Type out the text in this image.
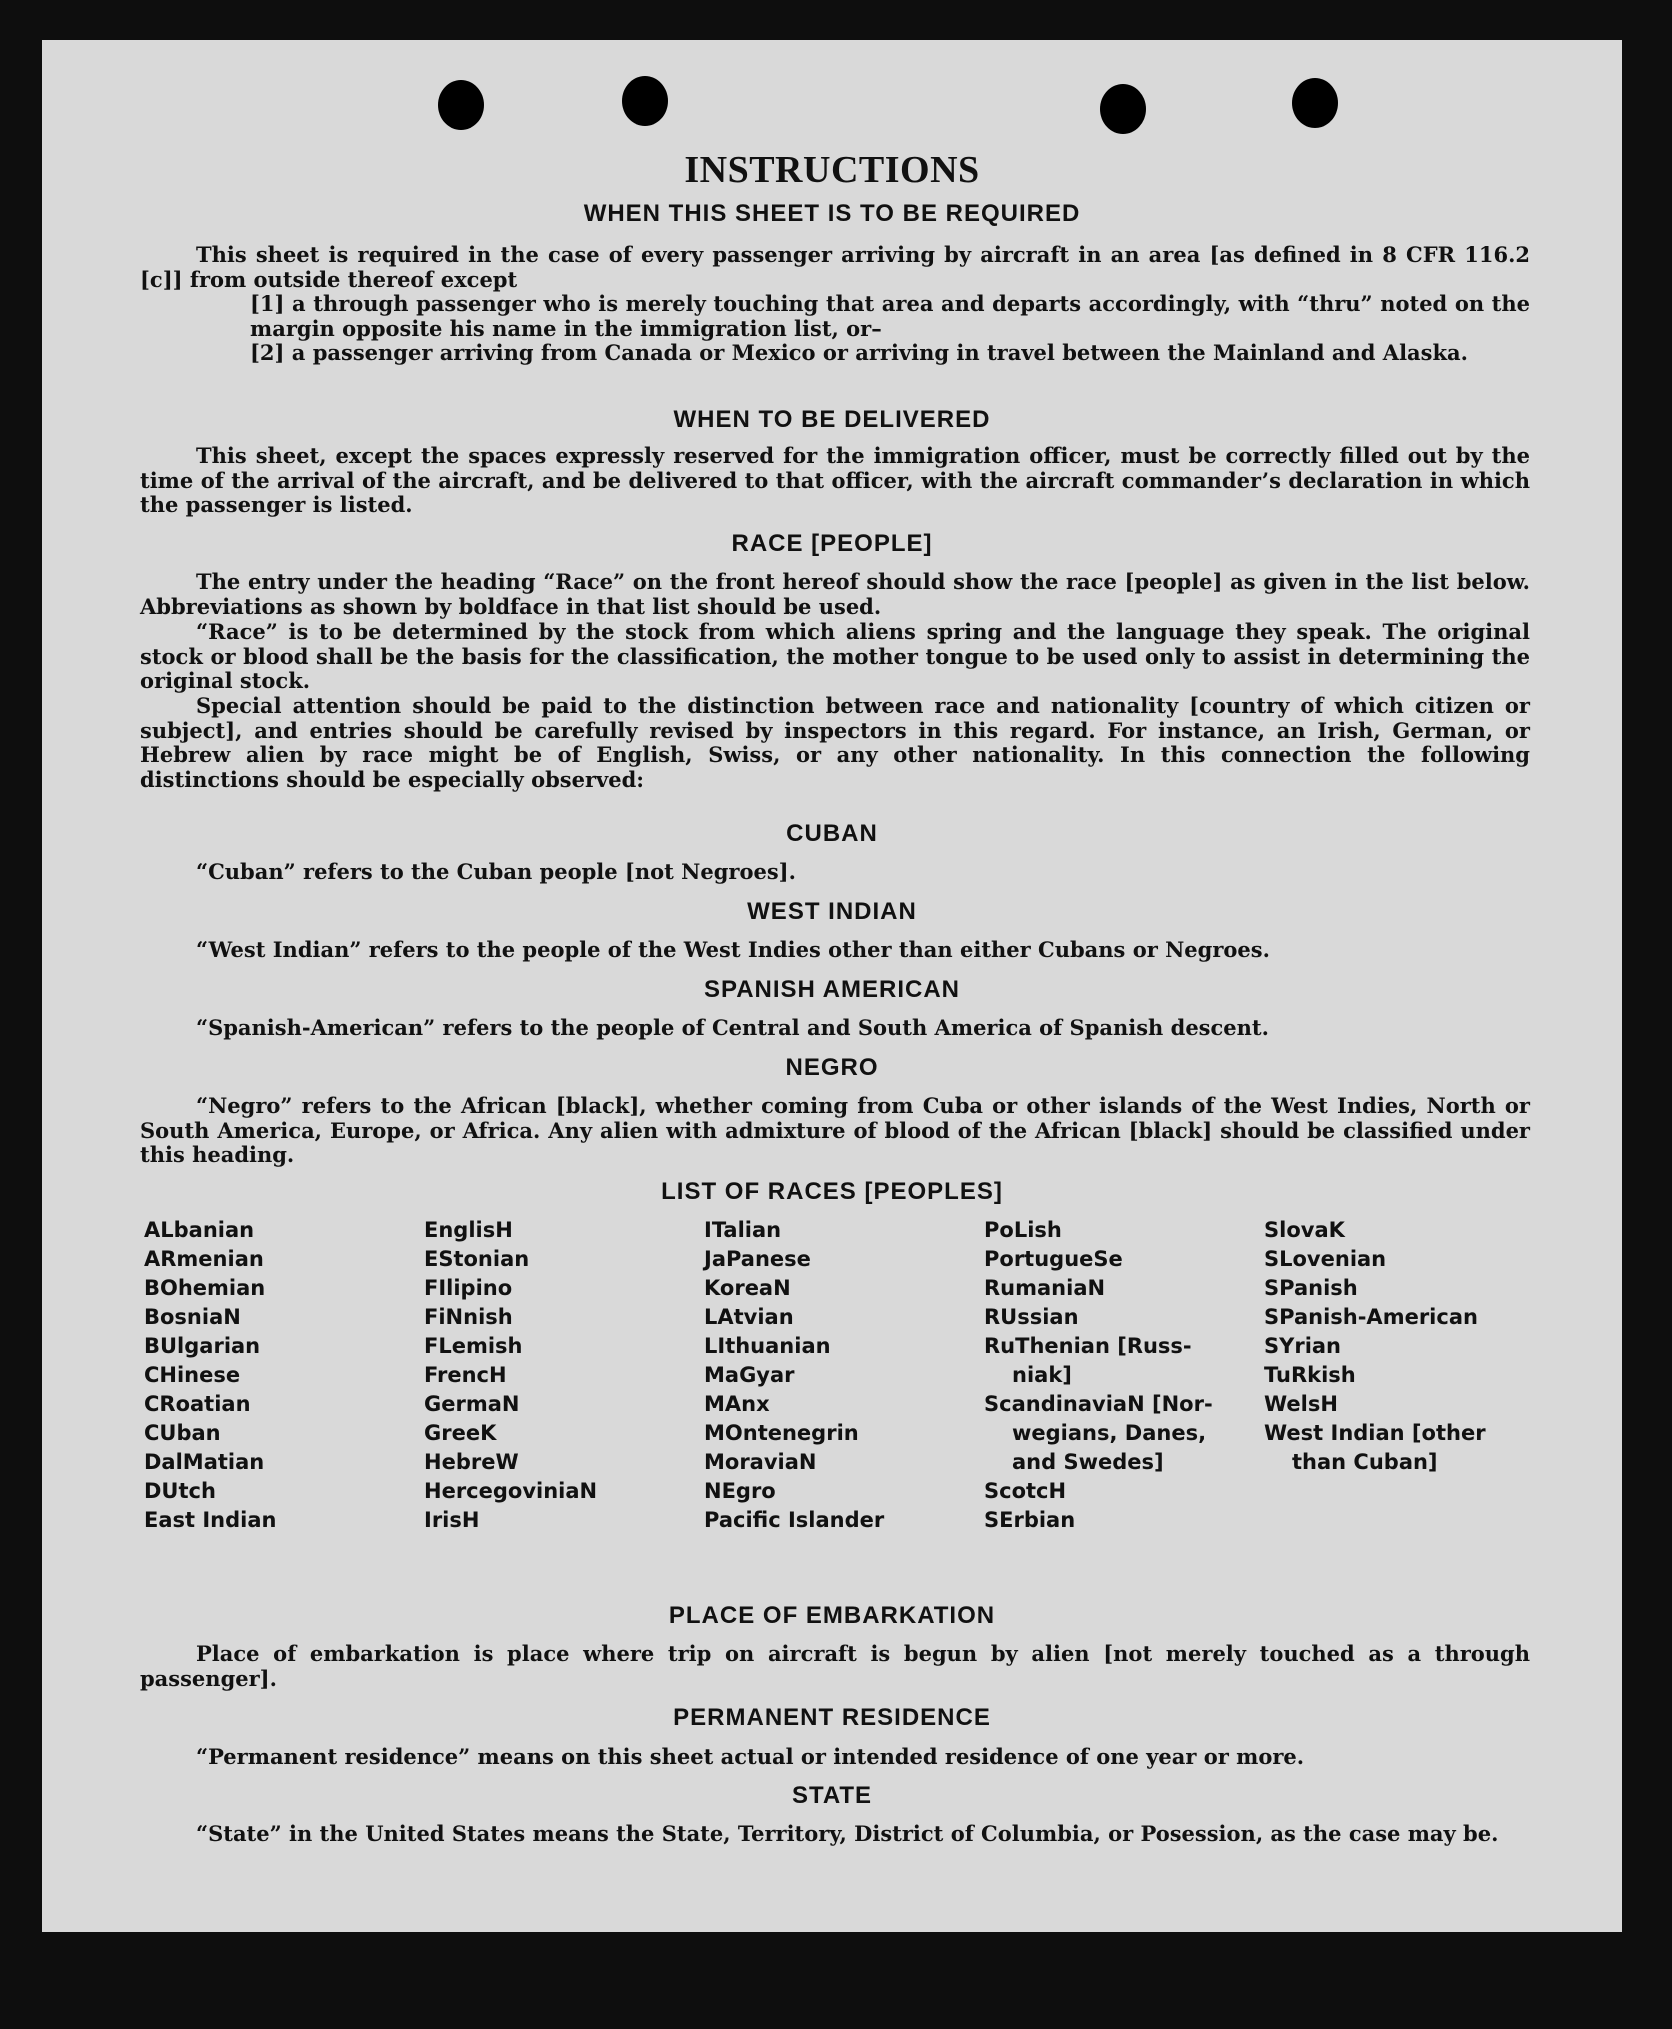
INSTRUCTIONS
WHEN THIS SHEET IS TO BE REQUIRED
This sheet is required in the case of every passenger arriving by aircraft in an area [as defined in 8 CFR 116.2 [c]] from outside thereof except
[1] a through passenger who is merely touching that area and departs accordingly, with “thru” noted on the margin opposite his name in the immigration list, or–
[2] a passenger arriving from Canada or Mexico or arriving in travel between the Mainland and Alaska.
WHEN TO BE DELIVERED
This sheet, except the spaces expressly reserved for the immigration officer, must be correctly filled out by the time of the arrival of the aircraft, and be delivered to that officer, with the aircraft commander’s declaration in which the passenger is listed.
RACE [PEOPLE]
The entry under the heading “Race” on the front hereof should show the race [people] as given in the list below. Abbreviations as shown by boldface in that list should be used.
“Race” is to be determined by the stock from which aliens spring and the language they speak. The original stock or blood shall be the basis for the classification, the mother tongue to be used only to assist in determining the original stock.
Special attention should be paid to the distinction between race and nationality [country of which citizen or subject], and entries should be carefully revised by inspectors in this regard. For instance, an Irish, German, or Hebrew alien by race might be of English, Swiss, or any other nationality. In this connection the following distinctions should be especially observed:
CUBAN
“Cuban” refers to the Cuban people [not Negroes].
WEST INDIAN
“West Indian” refers to the people of the West Indies other than either Cubans or Negroes.
SPANISH AMERICAN
“Spanish-American” refers to the people of Central and South America of Spanish descent.
NEGRO
“Negro” refers to the African [black], whether coming from Cuba or other islands of the West Indies, North or South America, Europe, or Africa. Any alien with admixture of blood of the African [black] should be classified under this heading.
LIST OF RACES [PEOPLES]
ALbanian
ARmenian
BOhemian
BosniaN
BUlgarian
CHinese
CRoatian
CUban
DalMatian
DUtch
East Indian
EnglisH
EStonian
FIlipino
FiNnish
FLemish
FrencH
GermaN
GreeK
HebreW
HercegoviniaN
IrisH
ITalian
JaPanese
KoreaN
LAtvian
LIthuanian
MaGyar
MAnx
MOntenegrin
MoraviaN
NEgro
Pacific Islander
PoLish
PortugueSe
RumaniaN
RUssian
RuThenian [Russ-
niak]
ScandinaviaN [Nor-
wegians, Danes,
and Swedes]
ScotcH
SErbian
SlovaK
SLovenian
SPanish
SPanish-American
SYrian
TuRkish
WelsH
West Indian [other
than Cuban]
PLACE OF EMBARKATION
Place of embarkation is place where trip on aircraft is begun by alien [not merely touched as a through passenger].
PERMANENT RESIDENCE
“Permanent residence” means on this sheet actual or intended residence of one year or more.
STATE
“State” in the United States means the State, Territory, District of Columbia, or Posession, as the case may be.
